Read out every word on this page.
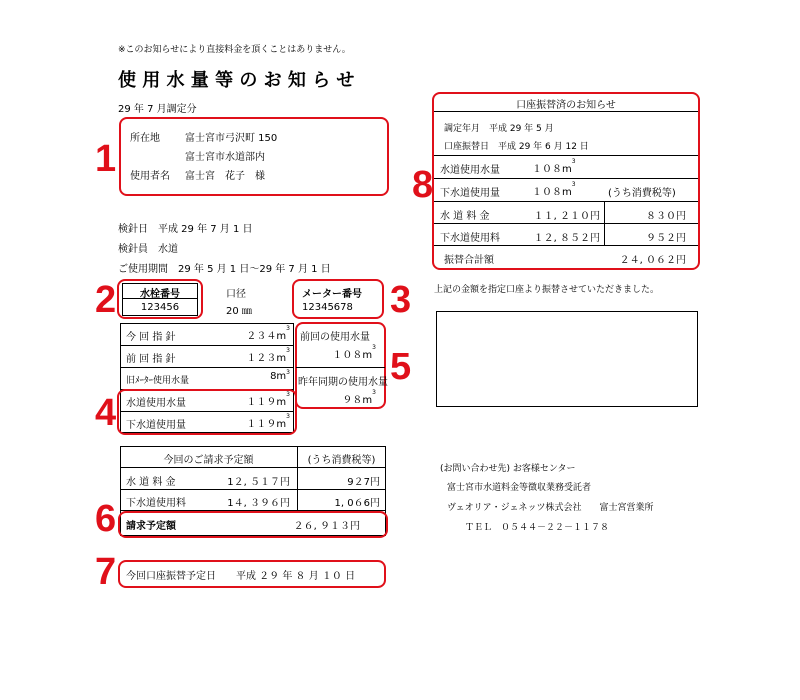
※このお知らせにより直接料金を頂くことはありません。
使 用 水 量 等 の お 知 ら せ
29 年 7 月調定分
所在地	富士宮市弓沢町 150
富士宮市水道部内
使用者名 富士宮　花子　様
検針日　平成 29 年 7 月 1 日
検針員　水道
ご使用期間　29 年 5 月 1 日～29 年 7 月 1 日
水栓番号
123456
口径
20 ㎜
メーター番号
12345678
今 回 指 針	$234m^3$
前 回 指 針	$123m^3$
旧ﾒｰﾀｰ使用水量	$8m^3$
水道使用水量	$119m^3$
下水道使用量	$119m^3$
前回の使用水量
$108m^3$
昨年同期の使用水量
$98m^3$
今回のご請求予定額	(うち消費税等)
水 道 料 金	1２, ５１７円	9２7円
下水道使用料	1４, ３９６円	1, 0６6円
請求予定額	２６, ９１３円
今回口座振替予定日　　平成 ２９ 年 ８ 月 １０ 日
口座振替済のお知らせ
調定年月　平成 29 年 5 月
口座振替日　平成 29 年 6 月 12 日
水道使用水量	$108m^3$
下水道使用量	$108m^3$
(うち消費税等)
水 道 料 金	１１, ２１０円	８３０円
下水道使用料	１２, ８５２円	９５２円
振替合計額	２４, ０６２円
上記の金額を指定口座より振替させていただきました。
(お問い合わせ先) お客様センター
富士宮市水道料金等徴収業務受託者
ヴェオリア・ジェネッツ株式会社　　富士宮営業所
ＴＥＬ　０５４４－２２－１１７８
1
2	3
4
5
6
7
8
